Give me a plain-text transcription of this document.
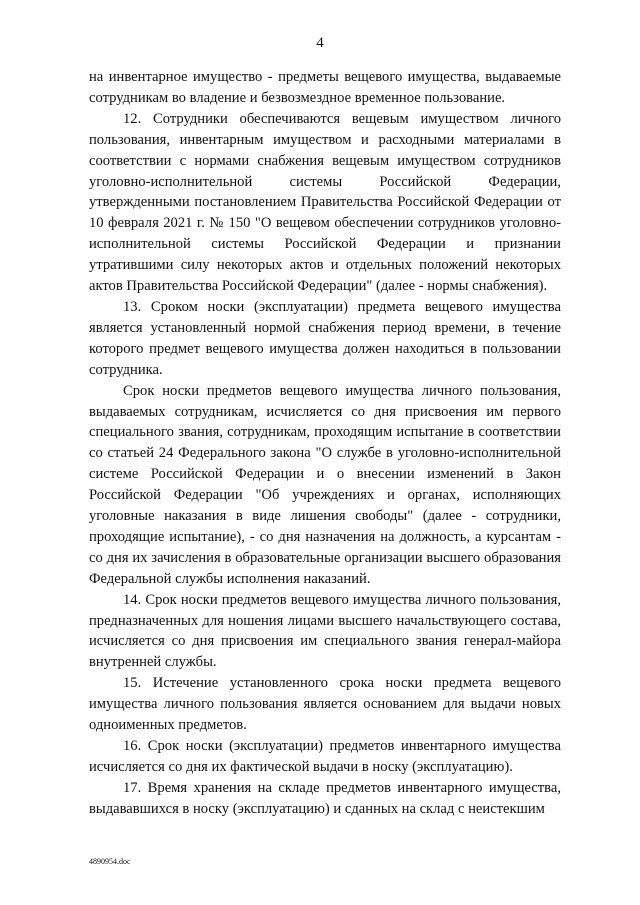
4

на инвентарное имущество - предметы вещевого имущества, выдаваемые сотрудникам во владение и безвозмездное временное пользование.

12. Сотрудники обеспечиваются вещевым имуществом личного пользования, инвентарным имуществом и расходными материалами в соответствии с нормами снабжения вещевым имуществом сотрудников уголовно-исполнительной системы Российской Федерации, утвержденными постановлением Правительства Российской Федерации от 10 февраля 2021 г. № 150 "О вещевом обеспечении сотрудников уголовно-исполнительной системы Российской Федерации и признании утратившими силу некоторых актов и отдельных положений некоторых актов Правительства Российской Федерации" (далее - нормы снабжения).

13. Сроком носки (эксплуатации) предмета вещевого имущества является установленный нормой снабжения период времени, в течение которого предмет вещевого имущества должен находиться в пользовании сотрудника.

Срок носки предметов вещевого имущества личного пользования, выдаваемых сотрудникам, исчисляется со дня присвоения им первого специального звания, сотрудникам, проходящим испытание в соответствии со статьей 24 Федерального закона "О службе в уголовно-исполнительной системе Российской Федерации и о внесении изменений в Закон Российской Федерации "Об учреждениях и органах, исполняющих уголовные наказания в виде лишения свободы" (далее - сотрудники, проходящие испытание), - со дня назначения на должность, а курсантам - со дня их зачисления в образовательные организации высшего образования Федеральной службы исполнения наказаний.

14. Срок носки предметов вещевого имущества личного пользования, предназначенных для ношения лицами высшего начальствующего состава, исчисляется со дня присвоения им специального звания генерал-майора внутренней службы.

15. Истечение установленного срока носки предмета вещевого имущества личного пользования является основанием для выдачи новых одноименных предметов.

16. Срок носки (эксплуатации) предметов инвентарного имущества исчисляется со дня их фактической выдачи в носку (эксплуатацию).

17. Время хранения на складе предметов инвентарного имущества, выдававшихся в носку (эксплуатацию) и сданных на склад с неистекшим

4890954.doc
